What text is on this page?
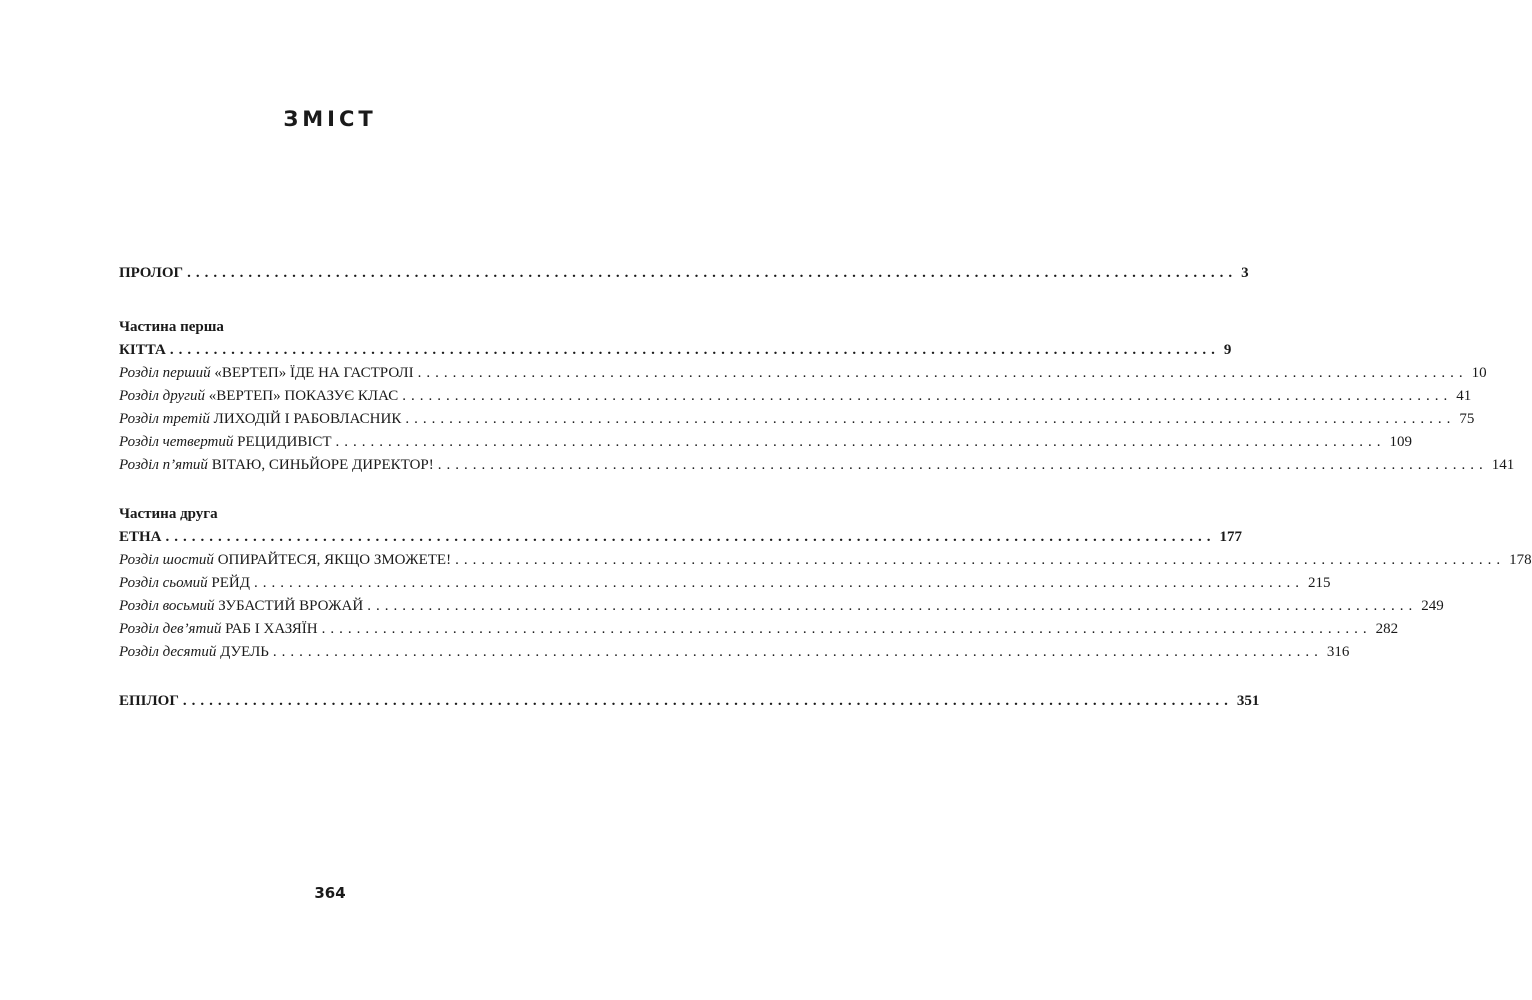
ЗМІСТ
ПРОЛОГ ........................................................................................................................ 3
Частина перша
КІТТА ........................................................................................................................ 9
Розділ перший «ВЕРТЕП» ЇДЕ НА ГАСТРОЛІ ........................................................................................................................ 10
Розділ другий «ВЕРТЕП» ПОКАЗУЄ КЛАС ........................................................................................................................ 41
Розділ третій ЛИХОДІЙ І РАБОВЛАСНИК ........................................................................................................................ 75
Розділ четвертий РЕЦИДИВІСТ ........................................................................................................................ 109
Розділ п’ятий ВІТАЮ, СИНЬЙОРЕ ДИРЕКТОР! ........................................................................................................................ 141
Частина друга
ЕТНА ........................................................................................................................ 177
Розділ шостий ОПИРАЙТЕСЯ, ЯКЩО ЗМОЖЕТЕ! ........................................................................................................................ 178
Розділ сьомий РЕЙД ........................................................................................................................ 215
Розділ восьмий ЗУБАСТИЙ ВРОЖАЙ ........................................................................................................................ 249
Розділ дев’ятий РАБ І ХАЗЯЇН ........................................................................................................................ 282
Розділ десятий ДУЕЛЬ ........................................................................................................................ 316
ЕПІЛОГ ........................................................................................................................ 351
364
